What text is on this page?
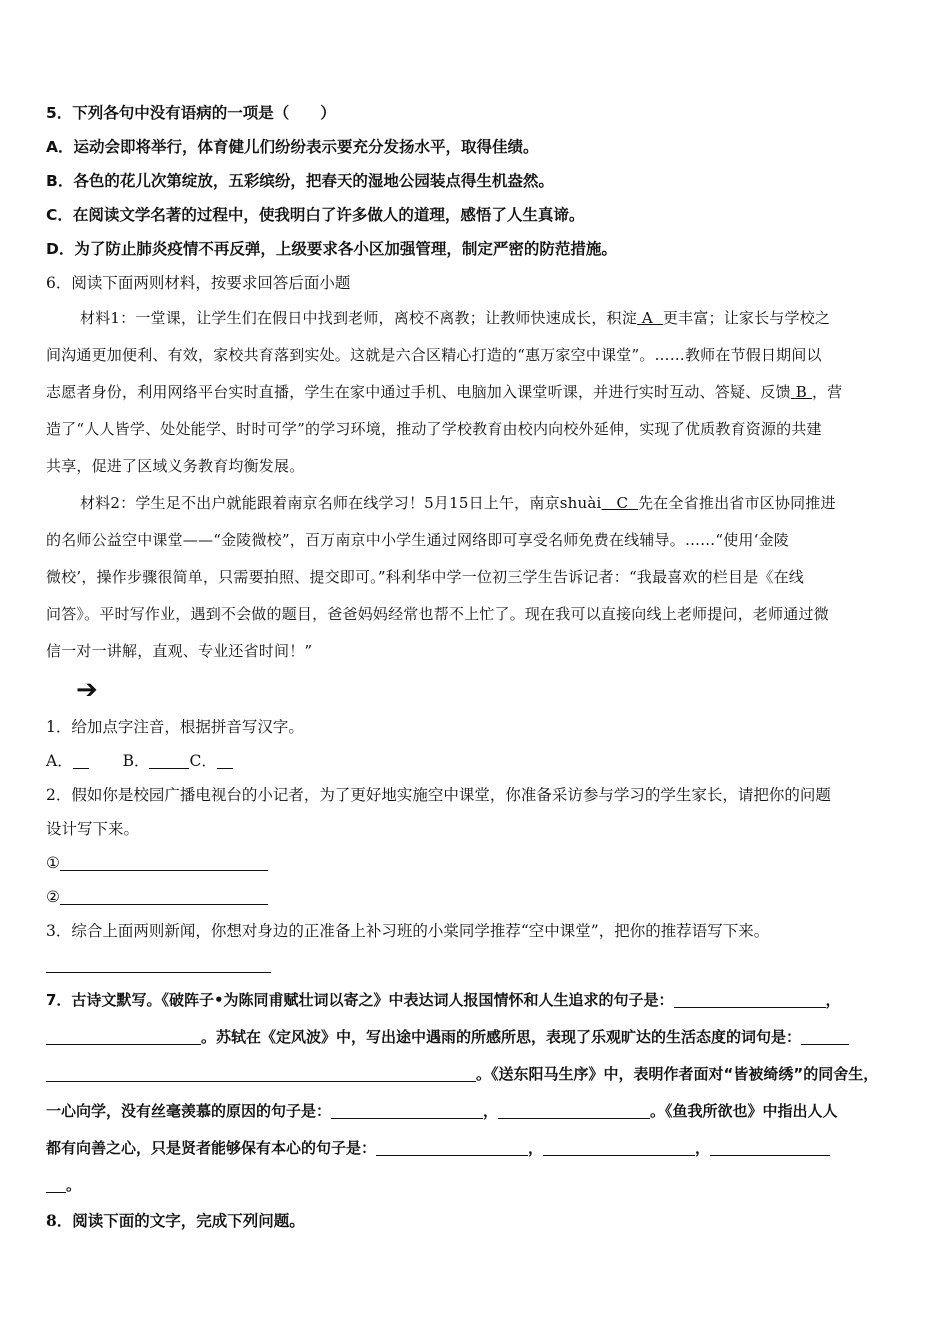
5．下列各句中没有语病的一项是（　　）
A．运动会即将举行，体育健儿们纷纷表示要充分发扬水平，取得佳绩。
B．各色的花儿次第绽放，五彩缤纷，把春天的湿地公园装点得生机盎然。
C．在阅读文学名著的过程中，使我明白了许多做人的道理，感悟了人生真谛。
D．为了防止肺炎疫情不再反弹，上级要求各小区加强管理，制定严密的防范措施。
6．阅读下面两则材料，按要求回答后面小题
材料1：一堂课，让学生们在假日中找到老师，离校不离教；让教师快速成长，积淀 A 更丰富；让家长与学校之
间沟通更加便利、有效，家校共育落到实处。这就是六合区精心打造的“惠万家空中课堂”。……教师在节假日期间以
志愿者身份，利用网络平台实时直播，学生在家中通过手机、电脑加入课堂听课，并进行实时互动、答疑、反馈 B ，营
造了“人人皆学、处处能学、时时可学”的学习环境，推动了学校教育由校内向校外延伸，实现了优质教育资源的共建
共享，促进了区域义务教育均衡发展。
材料2：学生足不出户就能跟着南京名师在线学习！5月15日上午，南京shuài C 先在全省推出省市区协同推进
的名师公益空中课堂——“金陵微校”，百万南京中小学生通过网络即可享受名师免费在线辅导。……“使用‘金陵
微校’，操作步骤很简单，只需要拍照、提交即可。”科利华中学一位初三学生告诉记者：“我最喜欢的栏目是《在线
问答》。平时写作业，遇到不会做的题目，爸爸妈妈经常也帮不上忙了。现在我可以直接向线上老师提问，老师通过微
信一对一讲解，直观、专业还省时间！”
➔
1．给加点字注音，根据拼音写汉字。
A．	B．	C．
2．假如你是校园广播电视台的小记者，为了更好地实施空中课堂，你准备采访参与学习的学生家长，请把你的问题
设计写下来。
①
②
3．综合上面两则新闻，你想对身边的正准备上补习班的小棠同学推荐“空中课堂”，把你的推荐语写下来。
7．古诗文默写。《破阵子•为陈同甫赋壮词以寄之》中表达词人报国情怀和人生追求的句子是：	，
。苏轼在《定风波》中，写出途中遇雨的所感所思，表现了乐观旷达的生活态度的词句是：
。《送东阳马生序》中，表明作者面对“皆被绮绣”的同舍生，
一心向学，没有丝毫羡慕的原因的句子是：	，	。《鱼我所欲也》中指出人人
都有向善之心，只是贤者能够保有本心的句子是：	，	，
。
8．阅读下面的文字，完成下列问题。
